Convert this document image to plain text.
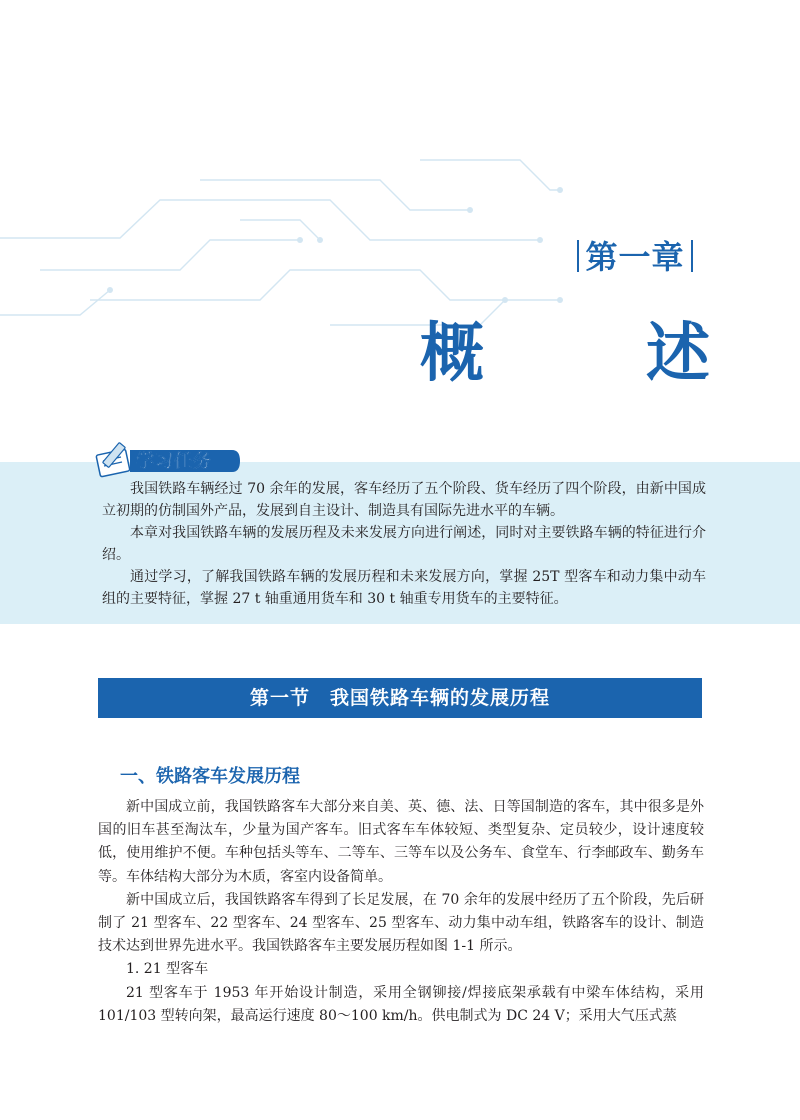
第一章
概	述
学习任务

我国铁路车辆经过 70 余年的发展，客车经历了五个阶段、货车经历了四个阶段，由新中国成立初期的仿制国外产品，发展到自主设计、制造具有国际先进水平的车辆。

本章对我国铁路车辆的发展历程及未来发展方向进行阐述，同时对主要铁路车辆的特征进行介绍。

通过学习，了解我国铁路车辆的发展历程和未来发展方向，掌握 25T 型客车和动力集中动车组的主要特征，掌握 27 t 轴重通用货车和 30 t 轴重专用货车的主要特征。

第一节　我国铁路车辆的发展历程
一、铁路客车发展历程

新中国成立前，我国铁路客车大部分来自美、英、德、法、日等国制造的客车，其中很多是外国的旧车甚至淘汰车，少量为国产客车。旧式客车车体较短、类型复杂、定员较少，设计速度较低，使用维护不便。车种包括头等车、二等车、三等车以及公务车、食堂车、行李邮政车、勤务车等。车体结构大部分为木质，客室内设备简单。

新中国成立后，我国铁路客车得到了长足发展，在 70 余年的发展中经历了五个阶段，先后研制了 21 型客车、22 型客车、24 型客车、25 型客车、动力集中动车组，铁路客车的设计、制造技术达到世界先进水平。我国铁路客车主要发展历程如图 1-1 所示。

1. 21 型客车

21 型客车于 1953 年开始设计制造，采用全钢铆接/焊接底架承载有中梁车体结构，采用 101/103 型转向架，最高运行速度 80～100 km/h。供电制式为 DC 24 V；采用大气压式蒸
